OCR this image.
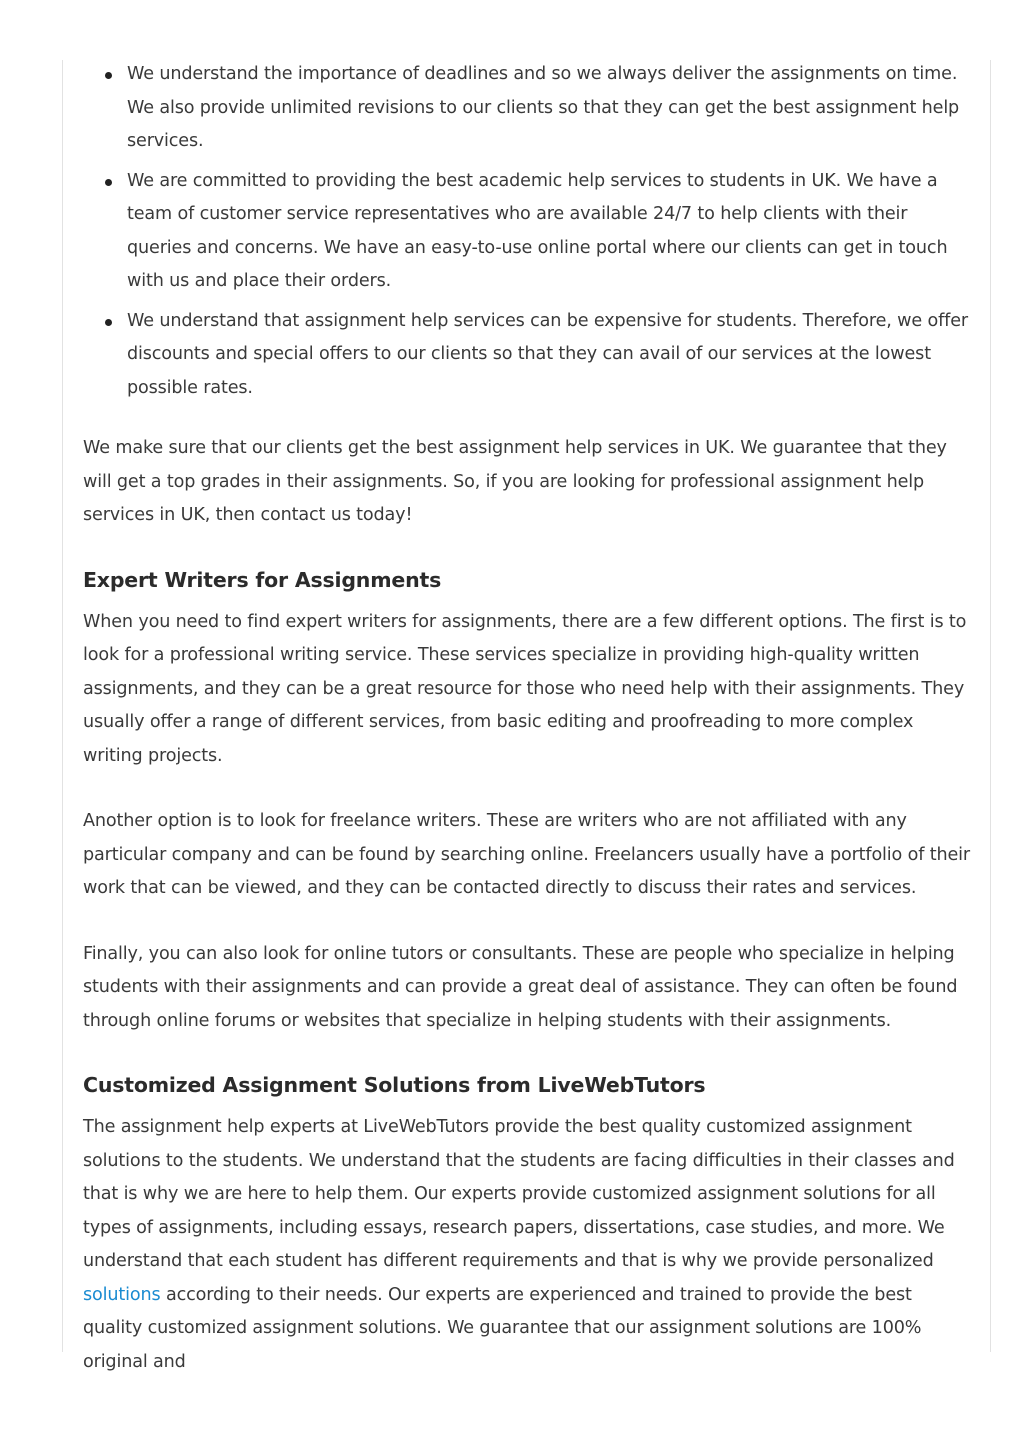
We understand the importance of deadlines and so we always deliver the assignments on time. We also provide unlimited revisions to our clients so that they can get the best assignment help services.
We are committed to providing the best academic help services to students in UK. We have a team of customer service representatives who are available 24/7 to help clients with their queries and concerns. We have an easy-to-use online portal where our clients can get in touch with us and place their orders.
We understand that assignment help services can be expensive for students. Therefore, we offer discounts and special offers to our clients so that they can avail of our services at the lowest possible rates.

We make sure that our clients get the best assignment help services in UK. We guarantee that they will get a top grades in their assignments. So, if you are looking for professional assignment help services in UK, then contact us today!

Expert Writers for Assignments

When you need to find expert writers for assignments, there are a few different options. The first is to look for a professional writing service. These services specialize in providing high-quality written assignments, and they can be a great resource for those who need help with their assignments. They usually offer a range of different services, from basic editing and proofreading to more complex writing projects.

Another option is to look for freelance writers. These are writers who are not affiliated with any particular company and can be found by searching online. Freelancers usually have a portfolio of their work that can be viewed, and they can be contacted directly to discuss their rates and services.

Finally, you can also look for online tutors or consultants. These are people who specialize in helping students with their assignments and can provide a great deal of assistance. They can often be found through online forums or websites that specialize in helping students with their assignments.

Customized Assignment Solutions from LiveWebTutors

The assignment help experts at LiveWebTutors provide the best quality customized assignment solutions to the students. We understand that the students are facing difficulties in their classes and that is why we are here to help them. Our experts provide customized assignment solutions for all types of assignments, including essays, research papers, dissertations, case studies, and more. We understand that each student has different requirements and that is why we provide personalized solutions according to their needs. Our experts are experienced and trained to provide the best quality customized assignment solutions. We guarantee that our assignment solutions are 100% original and
